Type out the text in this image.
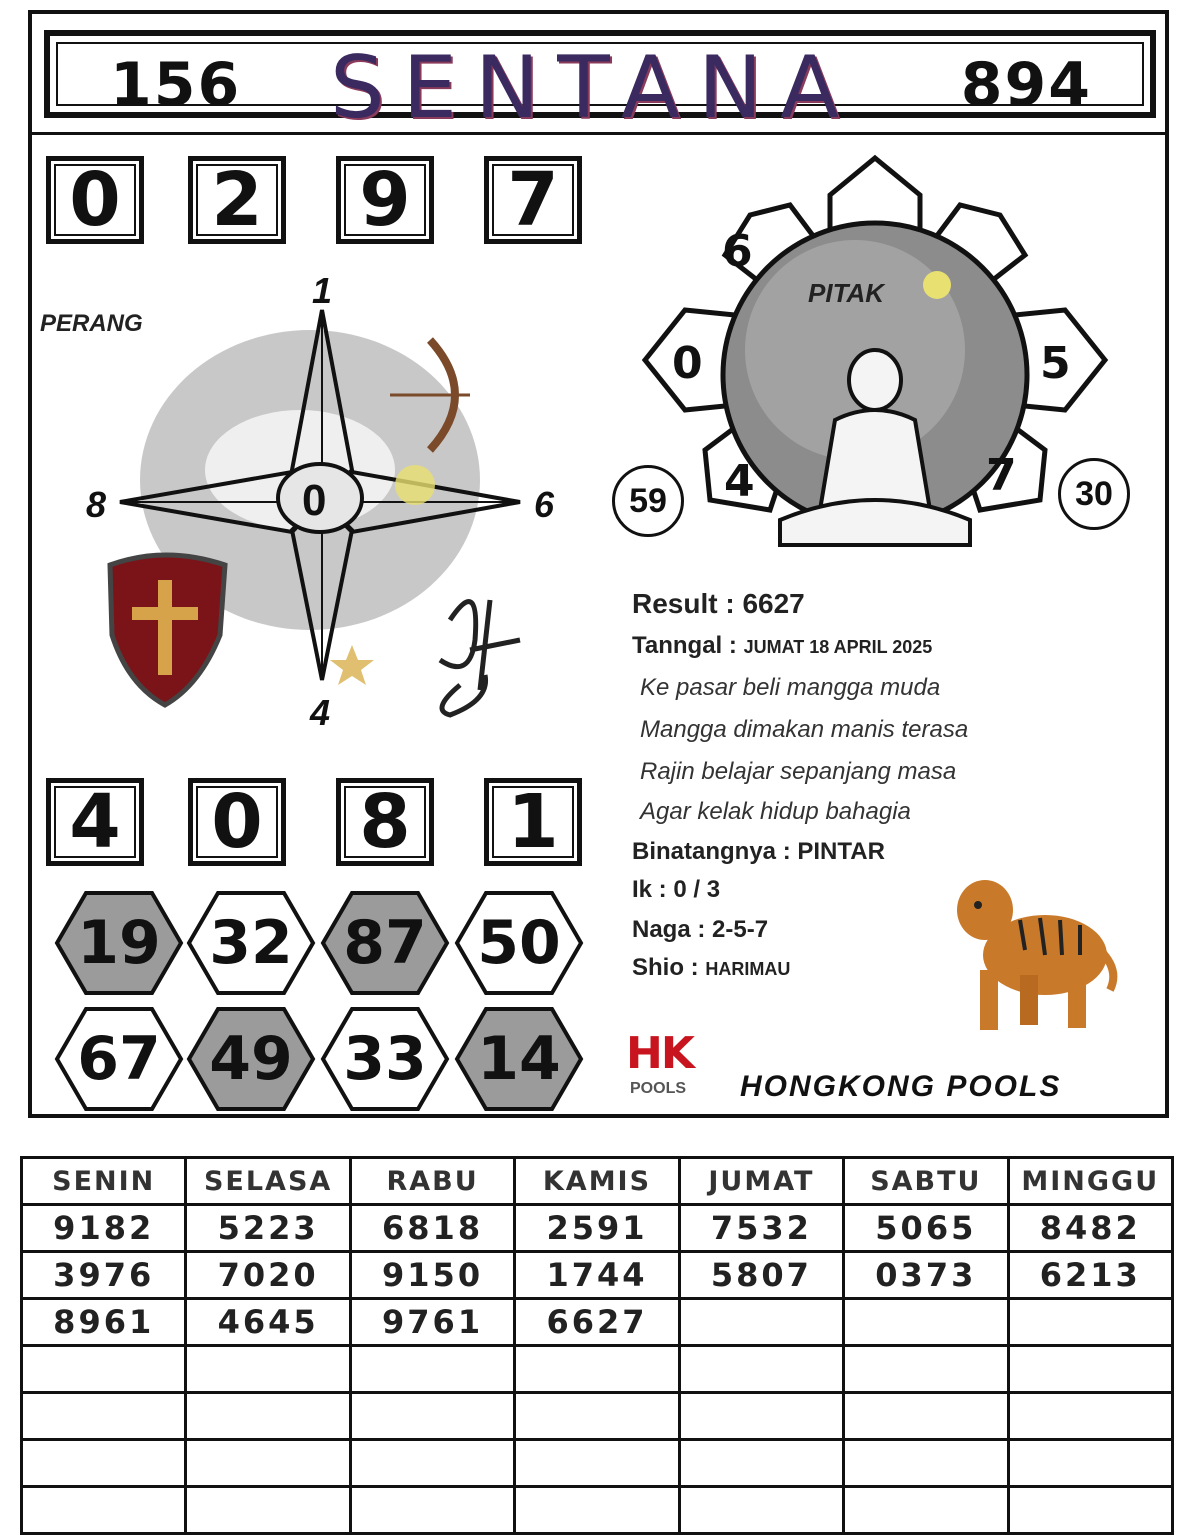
156 SENTANA 894
0	2	9	7
PERANG
1
8	6
4
0
PITAK
6
0	5
4	7
59	30
Result : 6627
Tanngal : JUMAT 18 APRIL 2025
Ke pasar beli mangga muda
Mangga dimakan manis terasa
Rajin belajar sepanjang masa
Agar kelak hidup bahagia
Binatangnya : PINTAR
Ik : 0 / 3
Naga : 2-5-7
Shio : HARIMAU
4	0	8	1
19 32 87 50
67 49 33 14	HK
POOLS HONGKONG POOLS
SENIN	SELASA	RABU	KAMIS	JUMAT	SABTU	MINGGU
9182	5223	6818	2591	7532	5065	8482
3976	7020	9150	1744	5807	0373	6213
8961	4645	9761	6627			
